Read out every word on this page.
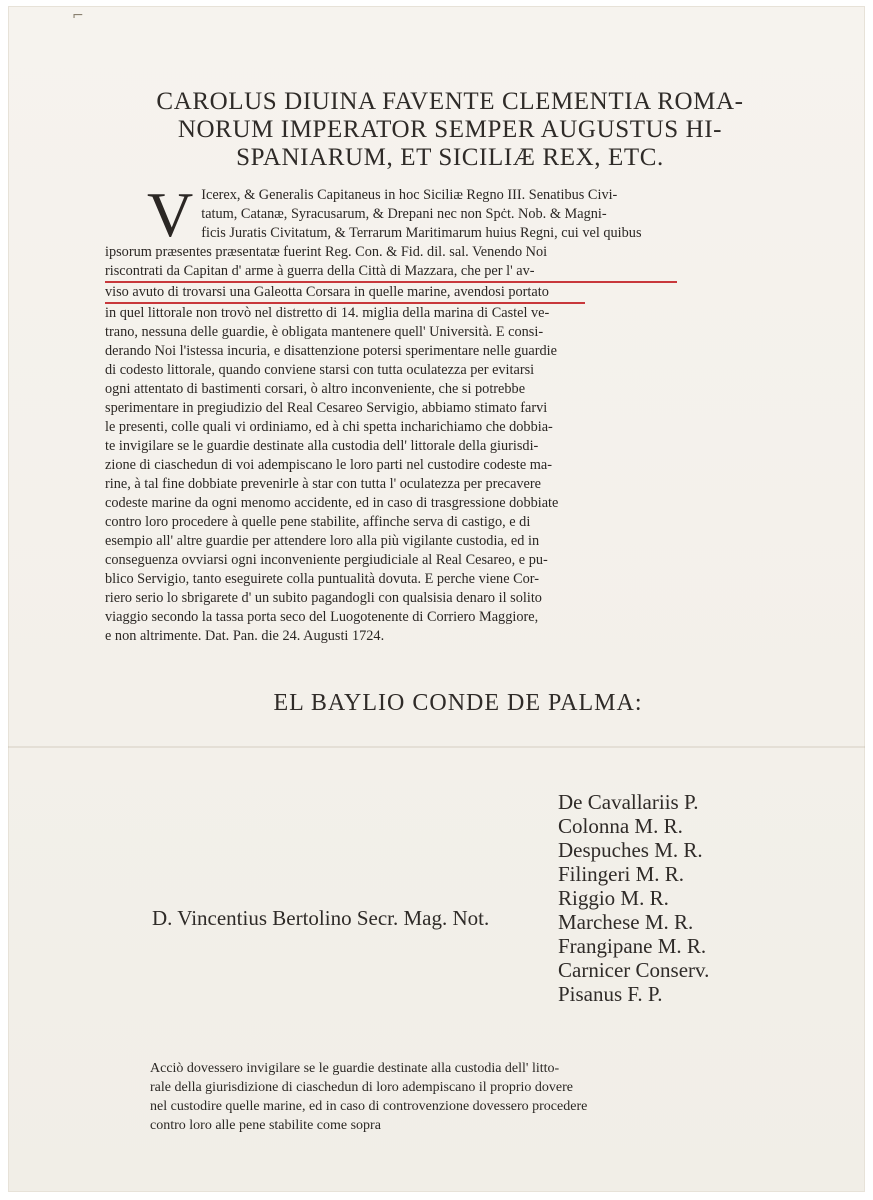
⌐
CAROLUS DIUINA FAVENTE CLEMENTIA ROMA-
NORUM IMPERATOR SEMPER AUGUSTUS HI-
SPANIARUM, ET SICILIÆ REX, ETC.
V Icerex, & Generalis Capitaneus in hoc Siciliæ Regno III. Senatibus Civi-
tatum, Catanæ, Syracusarum, & Drepani nec non Spċt. Nob. & Magni-
ficis Juratis Civitatum, & Terrarum Maritimarum huius Regni, cui vel quibus
ipsorum præsentes præsentatæ fuerint Reg. Con. & Fid. dil. sal. Venendo Noi
riscontrati da Capitan d' arme à guerra della Città di Mazzara, che per l' av-
viso avuto di trovarsi una Galeotta Corsara in quelle marine, avendosi portato
in quel littorale non trovò nel distretto di 14. miglia della marina di Castel ve-
trano, nessuna delle guardie, è obligata mantenere quell' Università. E consi-
derando Noi l'istessa incuria, e disattenzione potersi sperimentare nelle guardie
di codesto littorale, quando conviene starsi con tutta oculatezza per evitarsi
ogni attentato di bastimenti corsari, ò altro inconveniente, che si potrebbe
sperimentare in pregiudizio del Real Cesareo Servigio, abbiamo stimato farvi
le presenti, colle quali vi ordiniamo, ed à chi spetta incharichiamo che dobbia-
te invigilare se le guardie destinate alla custodia dell' littorale della giurisdi-
zione di ciaschedun di voi adempiscano le loro parti nel custodire codeste ma-
rine, à tal fine dobbiate prevenirle à star con tutta l' oculatezza per precavere
codeste marine da ogni menomo accidente, ed in caso di trasgressione dobbiate
contro loro procedere à quelle pene stabilite, affinche serva di castigo, e di
esempio all' altre guardie per attendere loro alla più vigilante custodia, ed in
conseguenza ovviarsi ogni inconveniente pergiudiciale al Real Cesareo, e pu-
blico Servigio, tanto eseguirete colla puntualità dovuta. E perche viene Cor-
riero serio lo sbrigarete d' un subito pagandogli con qualsisia denaro il solito
viaggio secondo la tassa porta seco del Luogotenente di Corriero Maggiore,
e non altrimente. Dat. Pan. die 24. Augusti 1724.
EL BAYLIO CONDE DE PALMA:
De Cavallariis P.
Colonna M. R.
Despuches M. R.
Filingeri M. R.
Riggio M. R.
Marchese M. R.
Frangipane M. R.
Carnicer Conserv.
Pisanus F. P.
D. Vincentius Bertolino Secr. Mag. Not.
Acciò dovessero invigilare se le guardie destinate alla custodia dell' litto-
rale della giurisdizione di ciaschedun di loro adempiscano il proprio dovere
nel custodire quelle marine, ed in caso di controvenzione dovessero procedere
contro loro alle pene stabilite come sopra
